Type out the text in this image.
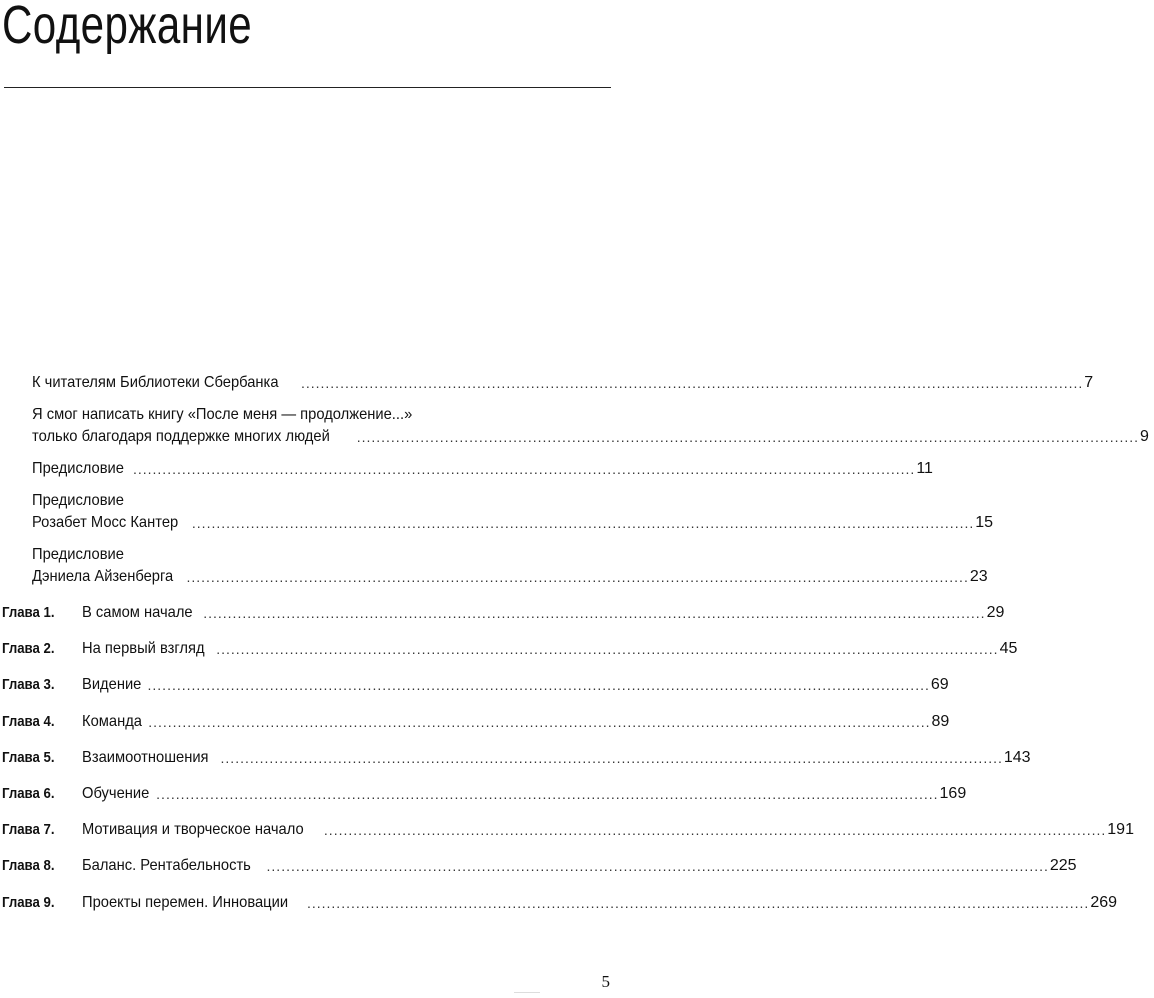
Содержание
К читателям Библиотеки Сбербанка ................................................................................................................................................................ 7
Я смог написать книгу «После меня — продолжение...»
только благодаря поддержке многих людей ................................................................................................................................................................ 9
Предисловие ................................................................................................................................................................ 11
Предисловие
Розабет Мосс Кантер ................................................................................................................................................................ 15
Предисловие
Дэниела Айзенберга ................................................................................................................................................................ 23
Глава 1. В самом начале ................................................................................................................................................................ 29
Глава 2. На первый взгляд ................................................................................................................................................................ 45
Глава 3. Видение ................................................................................................................................................................ 69
Глава 4. Команда ................................................................................................................................................................ 89
Глава 5. Взаимоотношения ................................................................................................................................................................ 143
Глава 6. Обучение ................................................................................................................................................................ 169
Глава 7. Мотивация и творческое начало ................................................................................................................................................................ 191
Глава 8. Баланс. Рентабельность ................................................................................................................................................................ 225
Глава 9. Проекты перемен. Инновации ................................................................................................................................................................ 269
5
